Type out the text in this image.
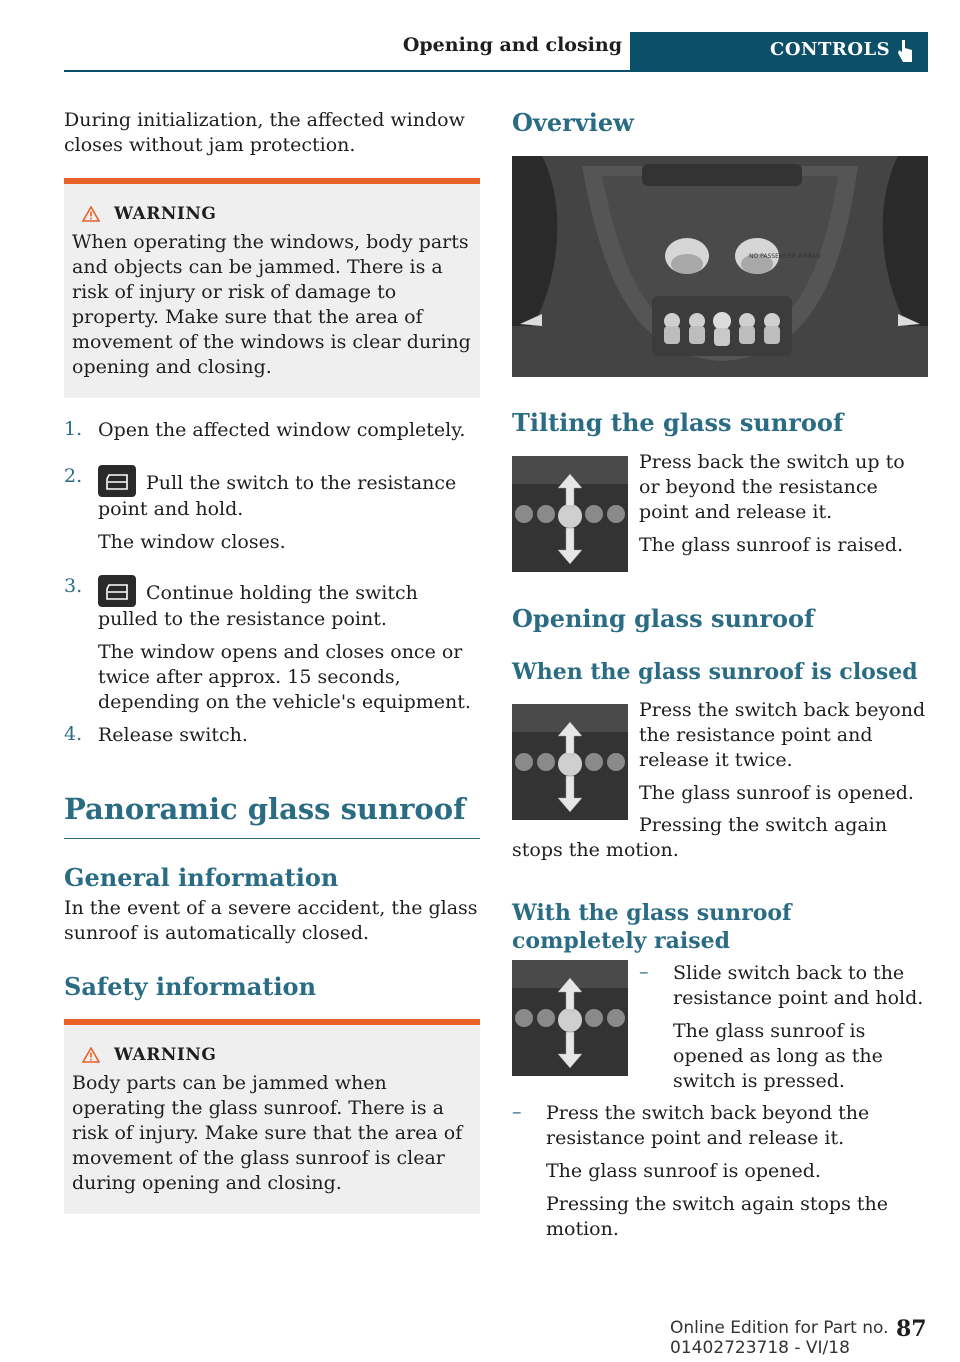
Opening and closing	CONTROLS

During initialization, the affected window closes without jam protection.

WARNING

When operating the windows, body parts and objects can be jammed. There is a risk of injury or risk of damage to property. Make sure that the area of movement of the windows is clear during opening and closing.

1. Open the affected window completely.

2.	Pull the switch to the resistance point and hold.

The window closes.

3.	Continue holding the switch pulled to the resistance point.

The window opens and closes once or twice after approx. 15 seconds, depending on the vehicle's equipment.

4. Release switch.

Panoramic glass sunroof
General information

In the event of a severe accident, the glass sunroof is automatically closed.

Safety information
WARNING

Body parts can be jammed when operating the glass sunroof. There is a risk of injury. Make sure that the area of movement of the glass sunroof is clear during opening and closing.

Overview
NO PASSENGER AIRBAG
Tilting the glass sunroof

Press back the switch up to or beyond the resistance point and release it.

The glass sunroof is raised.

Opening glass sunroof
When the glass sunroof is closed

Press the switch back beyond the resistance point and release it twice.

The glass sunroof is opened.

Pressing the switch again stops the motion.

With the glass sunroof completely raised
–	Slide switch back to the resistance point and hold.

The glass sunroof is opened as long as the switch is pressed.

–	Press the switch back beyond the resistance point and release it.

The glass sunroof is opened.

Pressing the switch again stops the motion.

Online Edition for Part no. 01402723718 - VI/18
87
